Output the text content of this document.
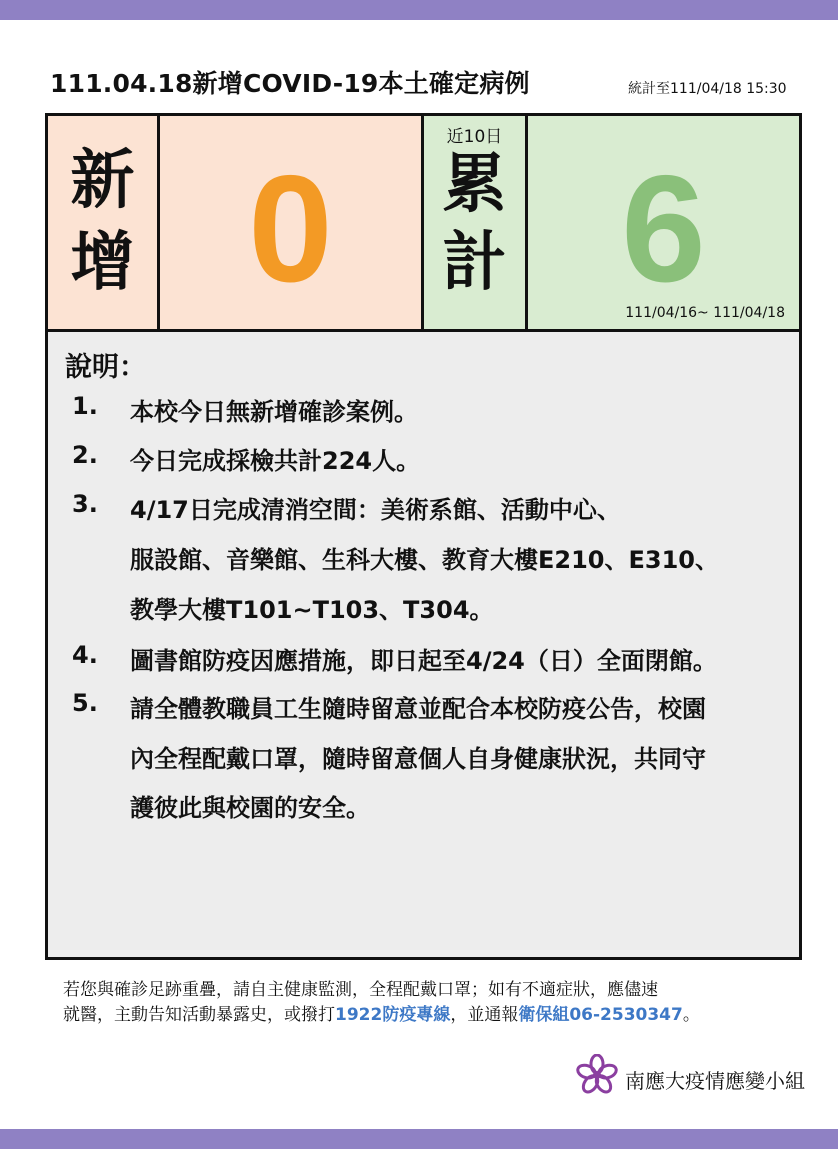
111.04.18新增COVID-19本土確定病例	統計至111/04/18 15:30
新
增 0
近10日
累
計 6
111/04/16~ 111/04/18
說明：
1. 本校今日無新增確診案例。
2. 今日完成採檢共計224人。
3. 4/17日完成清消空間：美術系館、活動中心、
服設館、音樂館、生科大樓、教育大樓E210、E310、
教學大樓T101~T103、T304。
4. 圖書館防疫因應措施，即日起至4/24（日）全面閉館。
5. 請全體教職員工生隨時留意並配合本校防疫公告，校園
內全程配戴口罩，隨時留意個人自身健康狀況，共同守
護彼此與校園的安全。
若您與確診足跡重疊，請自主健康監測，全程配戴口罩；如有不適症狀，應儘速
就醫，主動告知活動暴露史，或撥打1922防疫專線，並通報衛保組06-2530347。
南應大疫情應變小組
